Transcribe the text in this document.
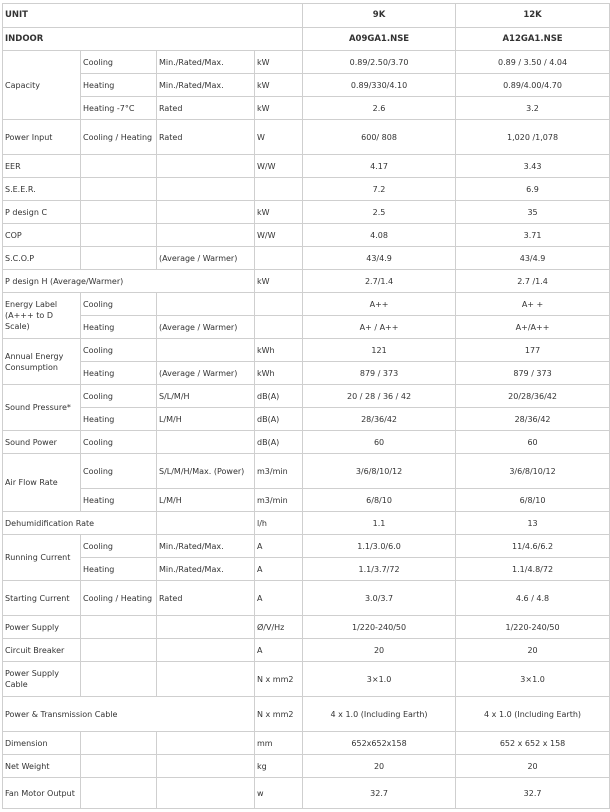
UNIT				9K	12K
INDOOR				A09GA1.NSE	A12GA1.NSE
Capacity	Cooling	Min./Rated/Max.	kW	0.89/2.50/3.70	0.89 / 3.50 / 4.04
	Heating	Min./Rated/Max.	kW	0.89/330/4.10	0.89/4.00/4.70
	Heating -7°C	Rated	kW	2.6	3.2
Power Input	Cooling / Heating	Rated	W	600/ 808	1,020 /1,078
EER			W/W	4.17	3.43
S.E.E.R.				7.2	6.9
P design C			kW	2.5	35
COP			W/W	4.08	3.71
S.C.O.P		(Average / Warmer)		43/4.9	43/4.9
P design H (Average/Warmer)			kW	2.7/1.4	2.7 /1.4
Energy Label (A+++ to D Scale)	Cooling			A++	A+ +
	Heating	(Average / Warmer)		A+ / A++	A+/A++
Annual Energy Consumption	Cooling		kWh	121	177
	Heating	(Average / Warmer)	kWh	879 / 373	879 / 373
Sound Pressure*	Cooling	S/L/M/H	dB(A)	20 / 28 / 36 / 42	20/28/36/42
	Heating	L/M/H	dB(A)	28/36/42	28/36/42
Sound Power	Cooling		dB(A)	60	60
Air Flow Rate	Cooling	S/L/M/H/Max. (Power)	m3/min	3/6/8/10/12	3/6/8/10/12
	Heating	L/M/H	m3/min	6/8/10	6/8/10
Dehumidification Rate			l/h	1.1	13
Running Current	Cooling	Min./Rated/Max.	A	1.1/3.0/6.0	11/4.6/6.2
	Heating	Min./Rated/Max.	A	1.1/3.7/72	1.1/4.8/72
Starting Current	Cooling / Heating	Rated	A	3.0/3.7	4.6 / 4.8
Power Supply			Ø/V/Hz	1/220-240/50	1/220-240/50
Circuit Breaker			A	20	20
Power Supply Cable			N x mm2	3×1.0	3×1.0
Power & Transmission Cable			N x mm2	4 x 1.0 (Including Earth)	4 x 1.0 (Including Earth)
Dimension			mm	652x652x158	652 x 652 x 158
Net Weight			kg	20	20
Fan Motor Output			w	32.7	32.7
